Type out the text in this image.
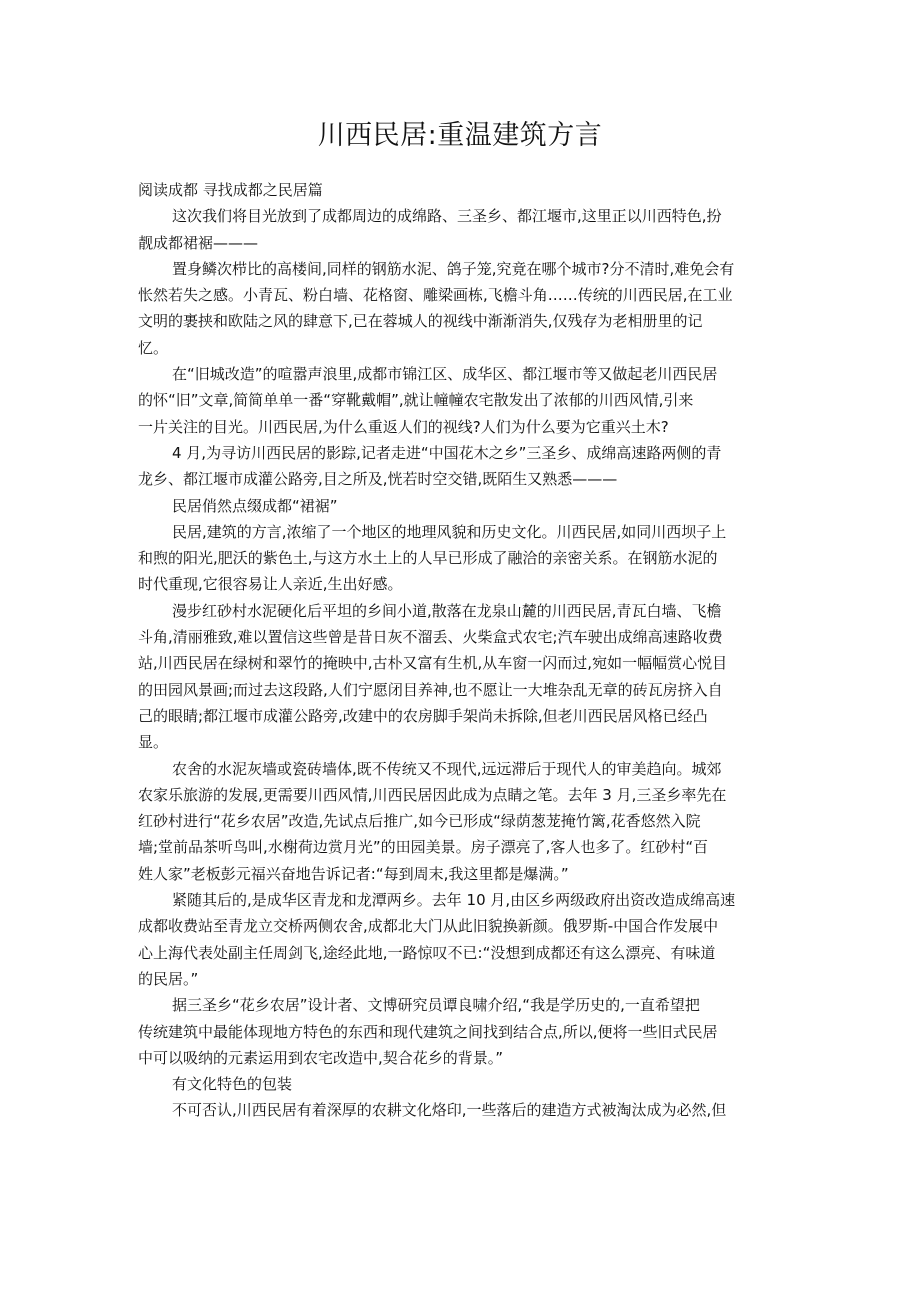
川西民居:重温建筑方言
阅读成都 寻找成都之民居篇
这次我们将目光放到了成都周边的成绵路、三圣乡、都江堰市,这里正以川西特色,扮
靓成都裙裾———
置身鳞次栉比的高楼间,同样的钢筋水泥、鸽子笼,究竟在哪个城市?分不清时,难免会有
怅然若失之感。小青瓦、粉白墙、花格窗、雕梁画栋,飞檐斗角……传统的川西民居,在工业
文明的裹挟和欧陆之风的肆意下,已在蓉城人的视线中渐渐消失,仅残存为老相册里的记
忆。
在“旧城改造”的喧嚣声浪里,成都市锦江区、成华区、都江堰市等又做起老川西民居
的怀“旧”文章,简简单单一番“穿靴戴帽”,就让幢幢农宅散发出了浓郁的川西风情,引来
一片关注的目光。川西民居,为什么重返人们的视线?人们为什么要为它重兴土木?
4 月,为寻访川西民居的影踪,记者走进“中国花木之乡”三圣乡、成绵高速路两侧的青
龙乡、都江堰市成灌公路旁,目之所及,恍若时空交错,既陌生又熟悉———
民居俏然点缀成都“裙裾”
民居,建筑的方言,浓缩了一个地区的地理风貌和历史文化。川西民居,如同川西坝子上
和煦的阳光,肥沃的紫色土,与这方水土上的人早已形成了融洽的亲密关系。在钢筋水泥的
时代重现,它很容易让人亲近,生出好感。
漫步红砂村水泥硬化后平坦的乡间小道,散落在龙泉山麓的川西民居,青瓦白墙、飞檐
斗角,清丽雅致,难以置信这些曾是昔日灰不溜丢、火柴盒式农宅;汽车驶出成绵高速路收费
站,川西民居在绿树和翠竹的掩映中,古朴又富有生机,从车窗一闪而过,宛如一幅幅赏心悦目
的田园风景画;而过去这段路,人们宁愿闭目养神,也不愿让一大堆杂乱无章的砖瓦房挤入自
己的眼睛;都江堰市成灌公路旁,改建中的农房脚手架尚未拆除,但老川西民居风格已经凸
显。
农舍的水泥灰墙或瓷砖墙体,既不传统又不现代,远远滞后于现代人的审美趋向。城郊
农家乐旅游的发展,更需要川西风情,川西民居因此成为点睛之笔。去年 3 月,三圣乡率先在
红砂村进行“花乡农居”改造,先试点后推广,如今已形成“绿荫葱茏掩竹篱,花香悠然入院
墙;堂前品茶听鸟叫,水榭荷边赏月光”的田园美景。房子漂亮了,客人也多了。红砂村“百
姓人家”老板彭元福兴奋地告诉记者:“每到周末,我这里都是爆满。”
紧随其后的,是成华区青龙和龙潭两乡。去年 10 月,由区乡两级政府出资改造成绵高速
成都收费站至青龙立交桥两侧农舍,成都北大门从此旧貌换新颜。俄罗斯-中国合作发展中
心上海代表处副主任周剑飞,途经此地,一路惊叹不已:“没想到成都还有这么漂亮、有味道
的民居。”
据三圣乡“花乡农居”设计者、文博研究员谭良啸介绍,“我是学历史的,一直希望把
传统建筑中最能体现地方特色的东西和现代建筑之间找到结合点,所以,便将一些旧式民居
中可以吸纳的元素运用到农宅改造中,契合花乡的背景。”
有文化特色的包装
不可否认,川西民居有着深厚的农耕文化烙印,一些落后的建造方式被淘汰成为必然,但
